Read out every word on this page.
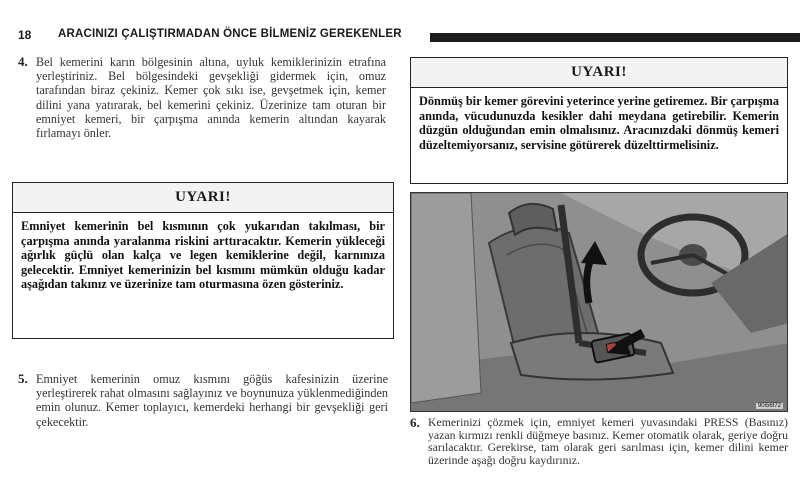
18 ARACINIZI ÇALIŞTIRMADAN ÖNCE BİLMENİZ GEREKENLER
4. Bel kemerini karın bölgesinin altına, uyluk kemiklerinizin etrafına yerleştiriniz. Bel bölgesindeki gevşekliği gidermek için, omuz tarafından biraz çekiniz. Kemer çok sıkı ise, gevşetmek için, kemer dilini yana yatırarak, bel kemerini çekiniz. Üzerinize tam oturan bir emniyet kemeri, bir çarpışma anında kemerin altından kayarak fırlamayı önler.

UYARI!

Emniyet kemerinin bel kısmının çok yukarıdan takılması, bir çarpışma anında yaralanma riskini arttıracaktır. Kemerin yükleceği ağırlık güçlü olan kalça ve legen kemiklerine değil, karnınıza gelecektir. Emniyet kemerinizin bel kısmını mümkün olduğu kadar aşağıdan takınız ve üzerinize tam oturmasına özen gösteriniz.

5. Emniyet kemerinin omuz kısmını göğüs kafesinizin üzerine yerleştirerek rahat olmasını sağlayınız ve boynunuza yüklenmediğinden emin olunuz. Kemer toplayıcı, kemerdeki herhangi bir gevşekliği geri çekecektir.

UYARI!

Dönmüş bir kemer görevini yeterince yerine getiremez. Bir çarpışma anında, vücudunuzda kesikler dahi meydana getirebilir. Kemerin düzgün olduğundan emin olmalısınız. Aracınızdaki dönmüş kemeri düzeltemiyorsanız, servisine götürerek düzelttirmelisiniz.

90i56f72
6. Kemerinizi çözmek için, emniyet kemeri yuvasındaki PRESS (Basınız) yazan kırmızı renkli düğmeye basınız. Kemer otomatik olarak, geriye doğru sarılacaktır. Gerekirse, tam olarak geri sarılması için, kemer dilini kemer üzerinde aşağı doğru kaydırınız.
